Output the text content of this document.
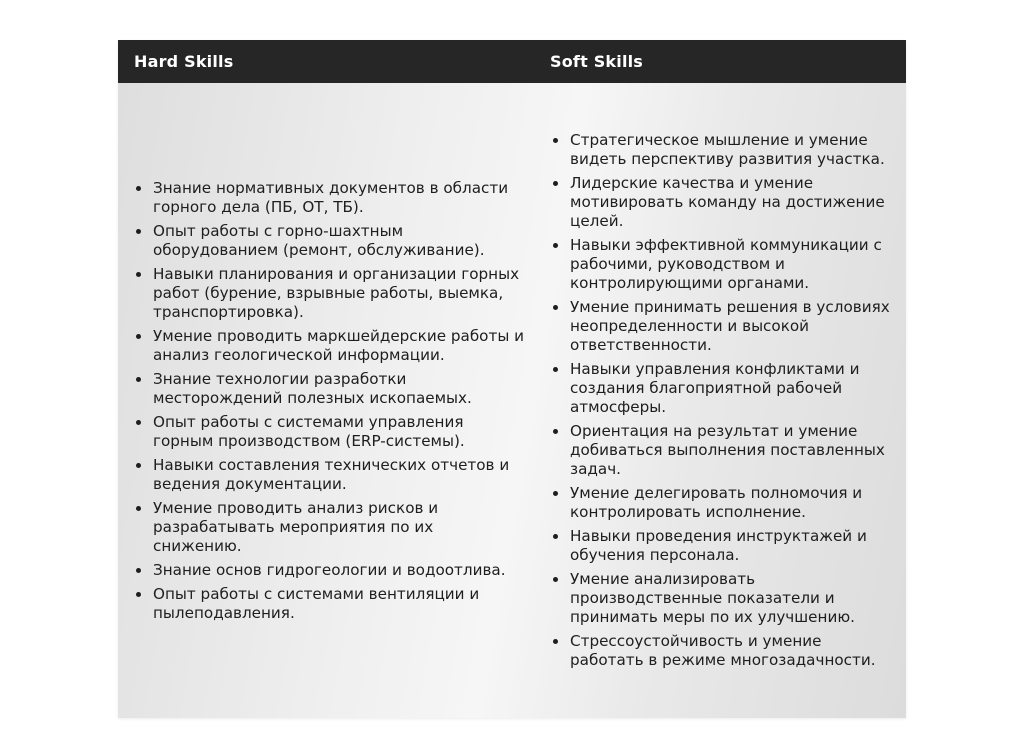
Hard Skills	Soft Skills
Знание нормативных документов в области горного дела (ПБ, ОТ, ТБ).
Опыт работы с горно-шахтным оборудованием (ремонт, обслуживание).
Навыки планирования и организации горных работ (бурение, взрывные работы, выемка, транспортировка).
Умение проводить маркшейдерские работы и анализ геологической информации.
Знание технологии разработки месторождений полезных ископаемых.
Опыт работы с системами управления горным производством (ERP-системы).
Навыки составления технических отчетов и ведения документации.
Умение проводить анализ рисков и разрабатывать мероприятия по их снижению.
Знание основ гидрогеологии и водоотлива.
Опыт работы с системами вентиляции и пылеподавления.
Стратегическое мышление и умение видеть перспективу развития участка.
Лидерские качества и умение мотивировать команду на достижение целей.
Навыки эффективной коммуникации с рабочими, руководством и контролирующими органами.
Умение принимать решения в условиях неопределенности и высокой ответственности.
Навыки управления конфликтами и создания благоприятной рабочей атмосферы.
Ориентация на результат и умение добиваться выполнения поставленных задач.
Умение делегировать полномочия и контролировать исполнение.
Навыки проведения инструктажей и обучения персонала.
Умение анализировать производственные показатели и принимать меры по их улучшению.
Стрессоустойчивость и умение работать в режиме многозадачности.
